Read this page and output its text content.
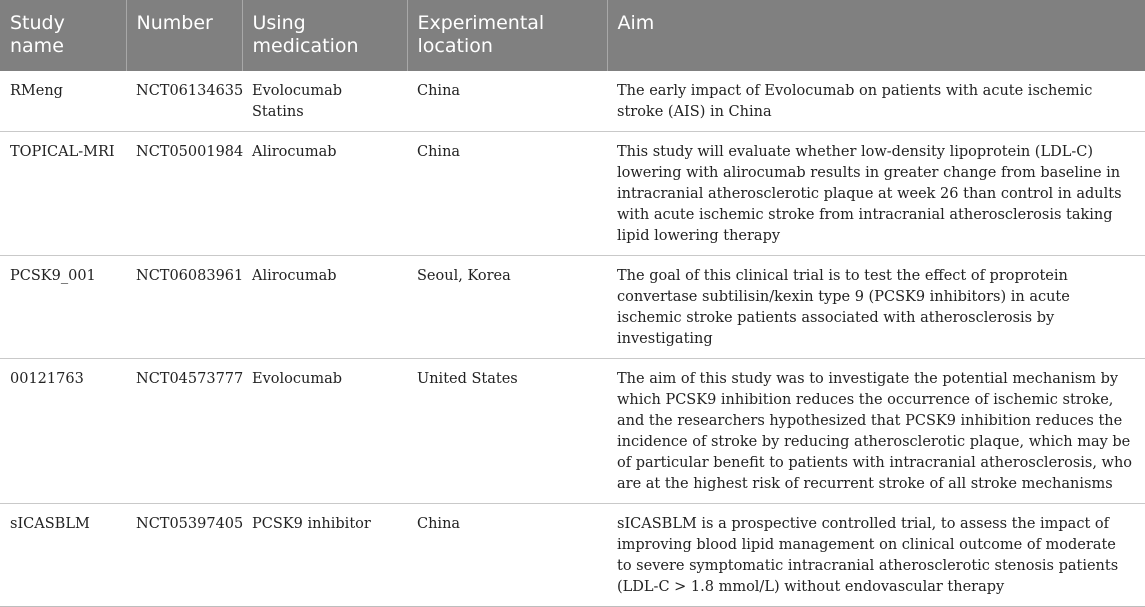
Study name	Number	Using medication	Experimental location	Aim
RMeng	NCT06134635	Evolocumab Statins	China	The early impact of Evolocumab on patients with acute ischemic stroke (AIS) in China
TOPICAL-MRI	NCT05001984	Alirocumab	China	This study will evaluate whether low-density lipoprotein (LDL-C) lowering with alirocumab results in greater change from baseline in intracranial atherosclerotic plaque at week 26 than control in adults with acute ischemic stroke from intracranial atherosclerosis taking lipid lowering therapy
PCSK9_001	NCT06083961	Alirocumab	Seoul, Korea	The goal of this clinical trial is to test the effect of proprotein convertase subtilisin/kexin type 9 (PCSK9 inhibitors) in acute ischemic stroke patients associated with atherosclerosis by investigating
00121763	NCT04573777	Evolocumab	United States	The aim of this study was to investigate the potential mechanism by which PCSK9 inhibition reduces the occurrence of ischemic stroke, and the researchers hypothesized that PCSK9 inhibition reduces the incidence of stroke by reducing atherosclerotic plaque, which may be of particular benefit to patients with intracranial atherosclerosis, who are at the highest risk of recurrent stroke of all stroke mechanisms
sICASBLM	NCT05397405	PCSK9 inhibitor	China	sICASBLM is a prospective controlled trial, to assess the impact of improving blood lipid management on clinical outcome of moderate to severe symptomatic intracranial atherosclerotic stenosis patients (LDL-C > 1.8 mmol/L) without endovascular therapy
